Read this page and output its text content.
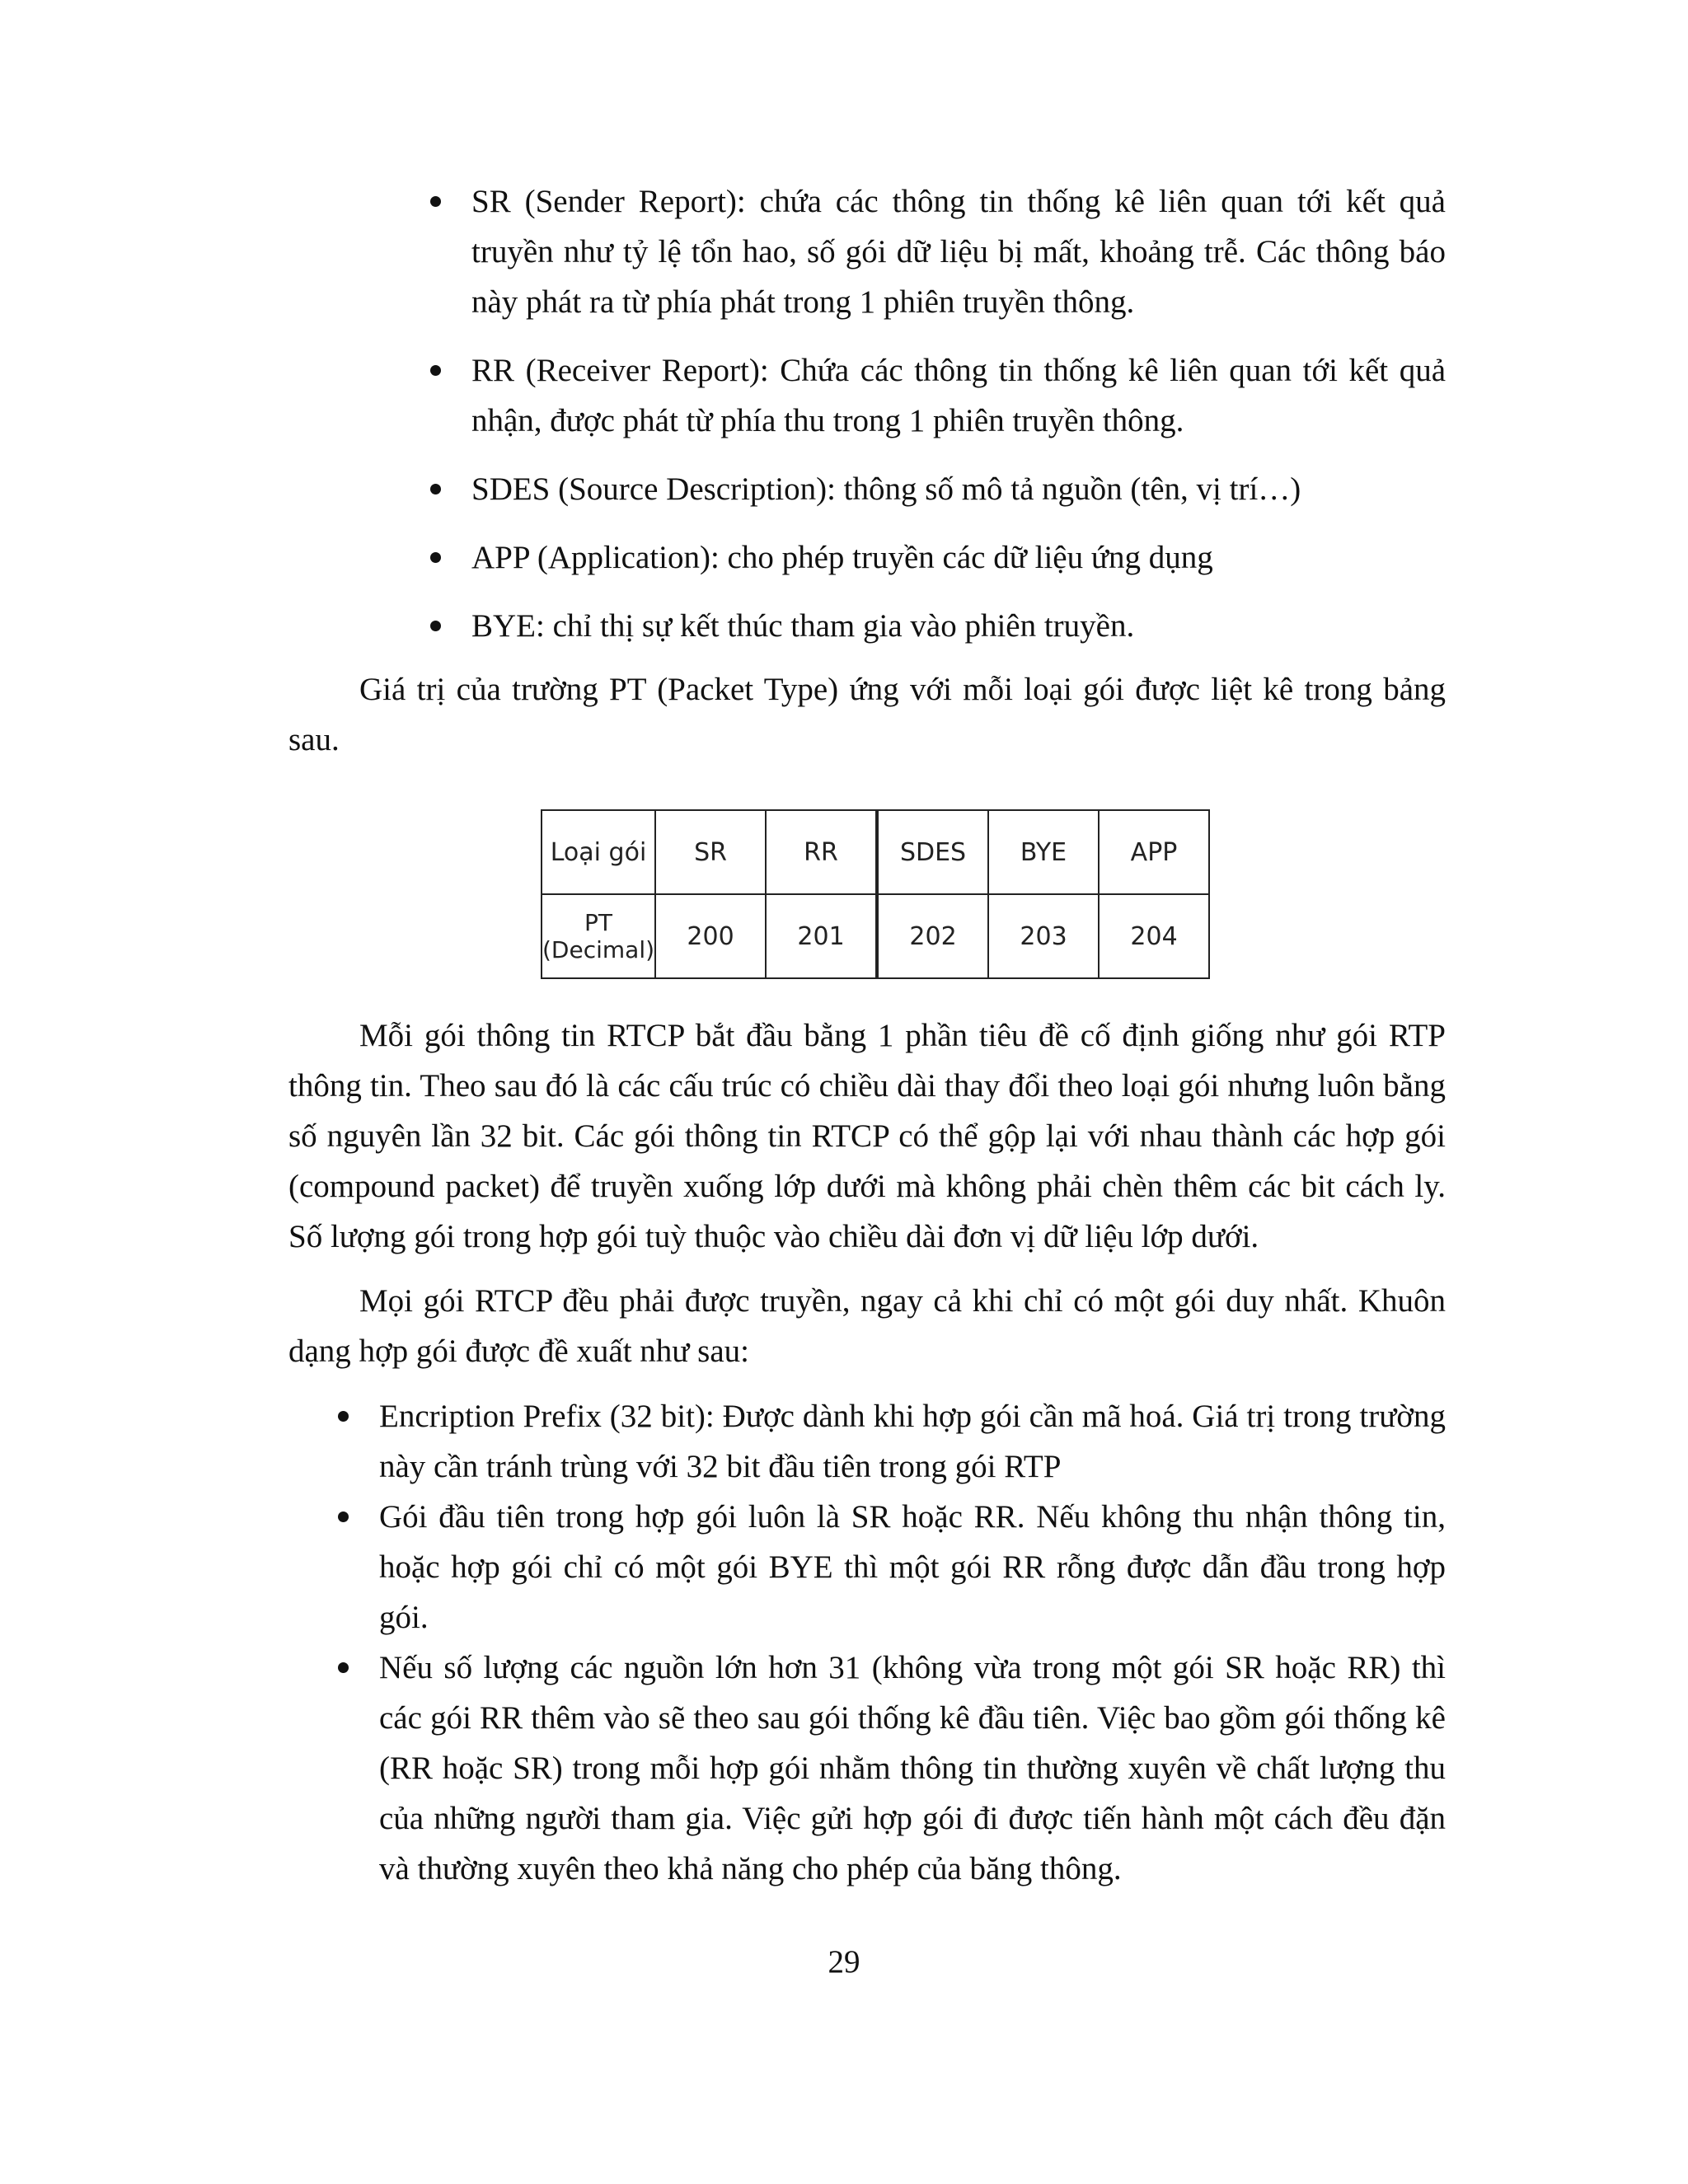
SR (Sender Report): chứa các thông tin thống kê liên quan tới kết quả truyền như tỷ lệ tổn hao, số gói dữ liệu bị mất, khoảng trễ. Các thông báo này phát ra từ phía phát trong 1 phiên truyền thông.
RR (Receiver Report): Chứa các thông tin thống kê liên quan tới kết quả nhận, được phát từ phía thu trong 1 phiên truyền thông.
SDES (Source Description): thông số mô tả nguồn (tên, vị trí…)
APP (Application): cho phép truyền các dữ liệu ứng dụng
BYE: chỉ thị sự kết thúc tham gia vào phiên truyền.

Giá trị của trường PT (Packet Type) ứng với mỗi loại gói được liệt kê trong bảng sau.

Loại gói	SR	RR	SDES	BYE	APP

PT
(Decimal)	200	201	202	203	204

Mỗi gói thông tin RTCP bắt đầu bằng 1 phần tiêu đề cố định giống như gói RTP thông tin. Theo sau đó là các cấu trúc có chiều dài thay đổi theo loại gói nhưng luôn bằng số nguyên lần 32 bit. Các gói thông tin RTCP có thể gộp lại với nhau thành các hợp gói (compound packet) để truyền xuống lớp dưới mà không phải chèn thêm các bit cách ly. Số lượng gói trong hợp gói tuỳ thuộc vào chiều dài đơn vị dữ liệu lớp dưới.

Mọi gói RTCP đều phải được truyền, ngay cả khi chỉ có một gói duy nhất. Khuôn dạng hợp gói được đề xuất như sau:

Encription Prefix (32 bit): Được dành khi hợp gói cần mã hoá. Giá trị trong trường này cần tránh trùng với 32 bit đầu tiên trong gói RTP
Gói đầu tiên trong hợp gói luôn là SR hoặc RR. Nếu không thu nhận thông tin, hoặc hợp gói chỉ có một gói BYE thì một gói RR rỗng được dẫn đầu trong hợp gói.
Nếu số lượng các nguồn lớn hơn 31 (không vừa trong một gói SR hoặc RR) thì các gói RR thêm vào sẽ theo sau gói thống kê đầu tiên. Việc bao gồm gói thống kê (RR hoặc SR) trong mỗi hợp gói nhằm thông tin thường xuyên về chất lượng thu của những người tham gia. Việc gửi hợp gói đi được tiến hành một cách đều đặn và thường xuyên theo khả năng cho phép của băng thông.
29
